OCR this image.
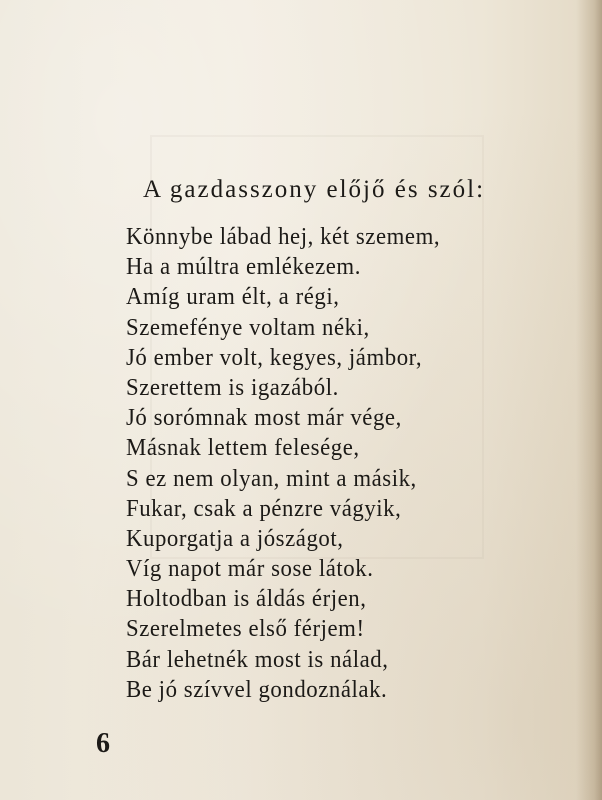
A gazdasszony előjő és szól:
Könnybe lábad hej, két szemem,
Ha a múltra emlékezem.
Amíg uram élt, a régi,
Szemefénye voltam néki,
Jó ember volt, kegyes, jámbor,
Szerettem is igazából.
Jó sorómnak most már vége,
Másnak lettem felesége,
S ez nem olyan, mint a másik,
Fukar, csak a pénzre vágyik,
Kuporgatja a jószágot,
Víg napot már sose látok.
Holtodban is áldás érjen,
Szerelmetes első férjem!
Bár lehetnék most is nálad,
Be jó szívvel gondoználak.
6
